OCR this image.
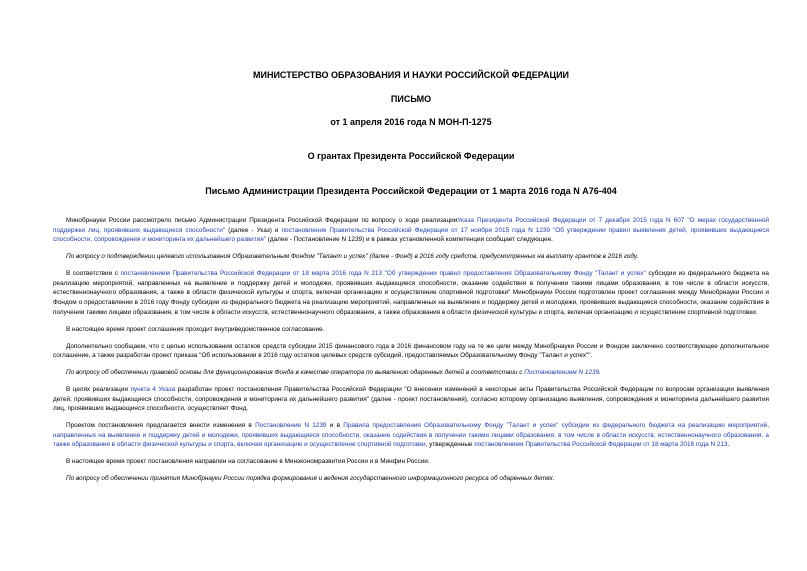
МИНИСТЕРСТВО ОБРАЗОВАНИЯ И НАУКИ РОССИЙСКОЙ ФЕДЕРАЦИИ
ПИСЬМО
от 1 апреля 2016 года N МОН-П-1275
О грантах Президента Российской Федерации
Письмо Администрации Президента Российской Федерации от 1 марта 2016 года N А76-404

Минобрнауки России рассмотрело письмо Администрации Президента Российской Федерации по вопросу о ходе реализацииУказа Президента Российской Федерации от 7 декабря 2015 года N 607 "О мерах государственной поддержки лиц, проявивших выдающиеся способности" (далее - Указ) и постановления Правительства Российской Федерации от 17 ноября 2015 года N 1239 "Об утверждении правил выявления детей, проявивших выдающиеся способности, сопровождения и мониторинга их дальнейшего развития" (далее - Постановление N 1239) и в рамках установленной компетенции сообщает следующее.

По вопросу о подтверждении целевого использования Образовательным Фондом "Талант и успех" (далее - Фонд) в 2016 году средств, предусмотренных на выплату грантов в 2016 году.

В соответствии с постановлением Правительства Российской Федерации от 18 марта 2016 года N 213 "Об утверждении правил предоставления Образовательному Фонду "Талант и успех" субсидии из федерального бюджета на реализацию мероприятий, направленных на выявление и поддержку детей и молодежи, проявивших выдающиеся способности, оказание содействия в получении такими лицами образования, в том числе в области искусств, естественнонаучного образования, а также в области физической культуры и спорта, включая организацию и осуществление спортивной подготовки" Минобрнауки России подготовлен проект соглашения между Минобрнауки России и Фондом о предоставлении в 2016 году Фонду субсидии из федерального бюджета на реализацию мероприятий, направленных на выявление и поддержку детей и молодежи, проявивших выдающиеся способности, оказание содействия в получении такими лицами образования, в том числе в области искусств, естественнонаучного образования, а также образования в области физической культуры и спорта, включая организацию и осуществление спортивной подготовки.

В настоящее время проект соглашения проходит внутриведомственное согласование.

Дополнительно сообщаем, что с целью использования остатков средств субсидии 2015 финансового года в 2016 финансовом году на те же цели между Минобрнауки России и Фондом заключено соответствующее дополнительное соглашение, а также разработан проект приказа "Об использовании в 2016 году остатков целевых средств субсидий, предоставляемых Образовательному Фонду "Талант и успех"".

По вопросу об обеспечении правовой основы для функционирования Фонда в качестве оператора по выявлению одаренных детей в соответствии с Постановлением N 1239.

В целях реализации пункта 4 Указа разработан проект постановления Правительства Российской Федерации "О внесении изменений в некоторые акты Правительства Российской Федерации по вопросам организации выявления детей, проявивших выдающиеся способности, сопровождения и мониторинга их дальнейшего развития" (далее - проект постановления), согласно которому организацию выявления, сопровождения и мониторинга дальнейшего развития лиц, проявивших выдающиеся способности, осуществляет Фонд.

Проектом постановления предлагается внести изменения в Постановление N 1239 и в Правила предоставления Образовательному Фонду "Талант и успех" субсидии из федерального бюджета на реализацию мероприятий, направленных на выявление и поддержку детей и молодежи, проявивших выдающиеся способности, оказание содействия в получении такими лицами образования, в том числе в области искусств, естественнонаучного образования, а также образования в области физической культуры и спорта, включая организацию и осуществление спортивной подготовки, утвержденные постановлением Правительства Российской Федерации от 18 марта 2016 года N 213.

В настоящее время проект постановления направлен на согласование в Минэкономразвития России и в Минфин России.

По вопросу об обеспечении принятия Минобрнауки России порядка формирования и ведения государственного информационного ресурса об одаренных детях.
